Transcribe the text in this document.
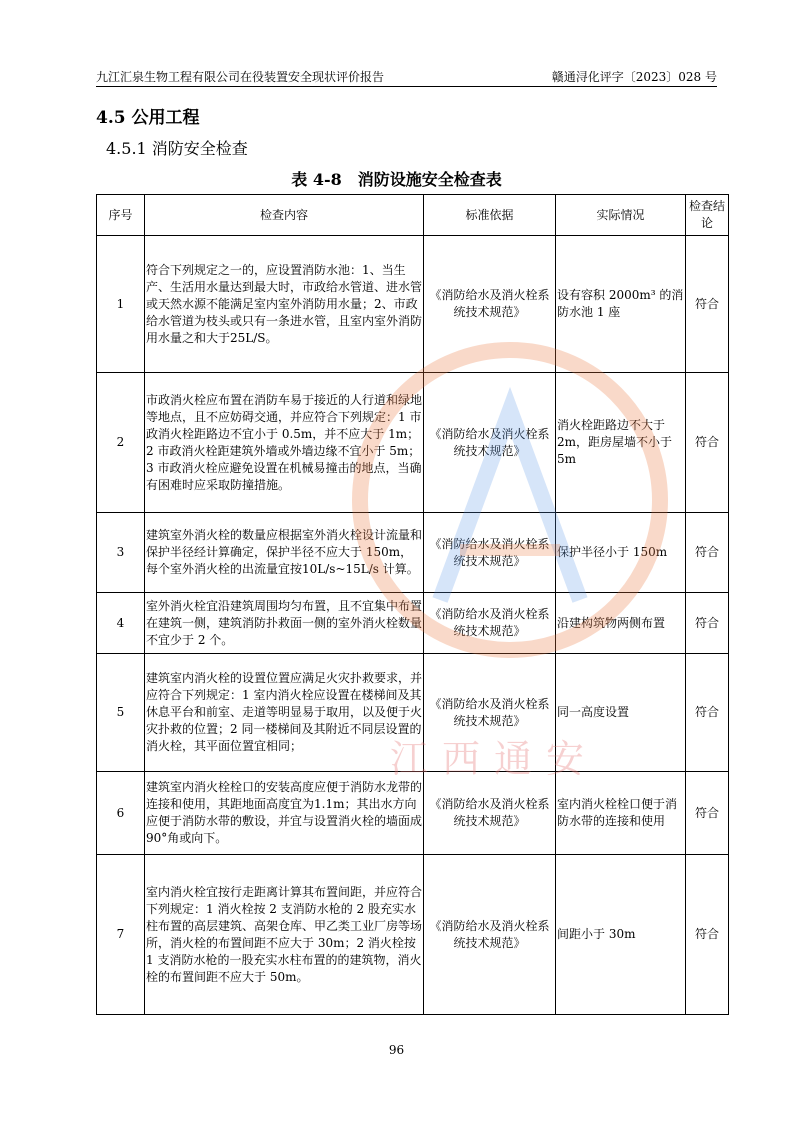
九江汇泉生物工程有限公司在役装置安全现状评价报告	赣通浔化评字〔2023〕028 号
4.5 公用工程
4.5.1 消防安全检查
表 4-8　消防设施安全检查表
序号	检查内容	标准依据	实际情况	检查结论
1	符合下列规定之一的，应设置消防水池：1、当生产、生活用水量达到最大时，市政给水管道、进水管或天然水源不能满足室内室外消防用水量；2、市政给水管道为枝头或只有一条进水管，且室内室外消防用水量之和大于25L/S。	《消防给水及消火栓系统技术规范》	设有容积 2000m³ 的消防水池 1 座	符合
2	市政消火栓应布置在消防车易于接近的人行道和绿地等地点，且不应妨碍交通，并应符合下列规定：1 市政消火栓距路边不宜小于 0.5m，并不应大于 1m；2 市政消火栓距建筑外墙或外墙边缘不宜小于 5m；3 市政消火栓应避免设置在机械易撞击的地点，当确有困难时应采取防撞措施。	《消防给水及消火栓系统技术规范》	消火栓距路边不大于 2m，距房屋墙不小于 5m	符合
3	建筑室外消火栓的数量应根据室外消火栓设计流量和保护半径经计算确定，保护半径不应大于 150m，每个室外消火栓的出流量宜按10L/s~15L/s 计算。	《消防给水及消火栓系统技术规范》	保护半径小于 150m	符合
4	室外消火栓宜沿建筑周围均匀布置，且不宜集中布置在建筑一侧，建筑消防扑救面一侧的室外消火栓数量不宜少于 2 个。	《消防给水及消火栓系统技术规范》	沿建构筑物两侧布置	符合
5	建筑室内消火栓的设置位置应满足火灾扑救要求，并应符合下列规定：1 室内消火栓应设置在楼梯间及其休息平台和前室、走道等明显易于取用，以及便于火灾扑救的位置；2 同一楼梯间及其附近不同层设置的消火栓，其平面位置宜相同；	《消防给水及消火栓系统技术规范》	同一高度设置	符合
6	建筑室内消火栓栓口的安装高度应便于消防水龙带的连接和使用，其距地面高度宜为1.1m；其出水方向应便于消防水带的敷设，并宜与设置消火栓的墙面成 90°角或向下。	《消防给水及消火栓系统技术规范》	室内消火栓栓口便于消防水带的连接和使用	符合
7	室内消火栓宜按行走距离计算其布置间距，并应符合下列规定：1 消火栓按 2 支消防水枪的 2 股充实水柱布置的高层建筑、高架仓库、甲乙类工业厂房等场所，消火栓的布置间距不应大于 30m；2 消火栓按 1 支消防水枪的一股充实水柱布置的的建筑物，消火栓的布置间距不应大于 50m。	《消防给水及消火栓系统技术规范》	间距小于 30m	符合
江西通安
96
